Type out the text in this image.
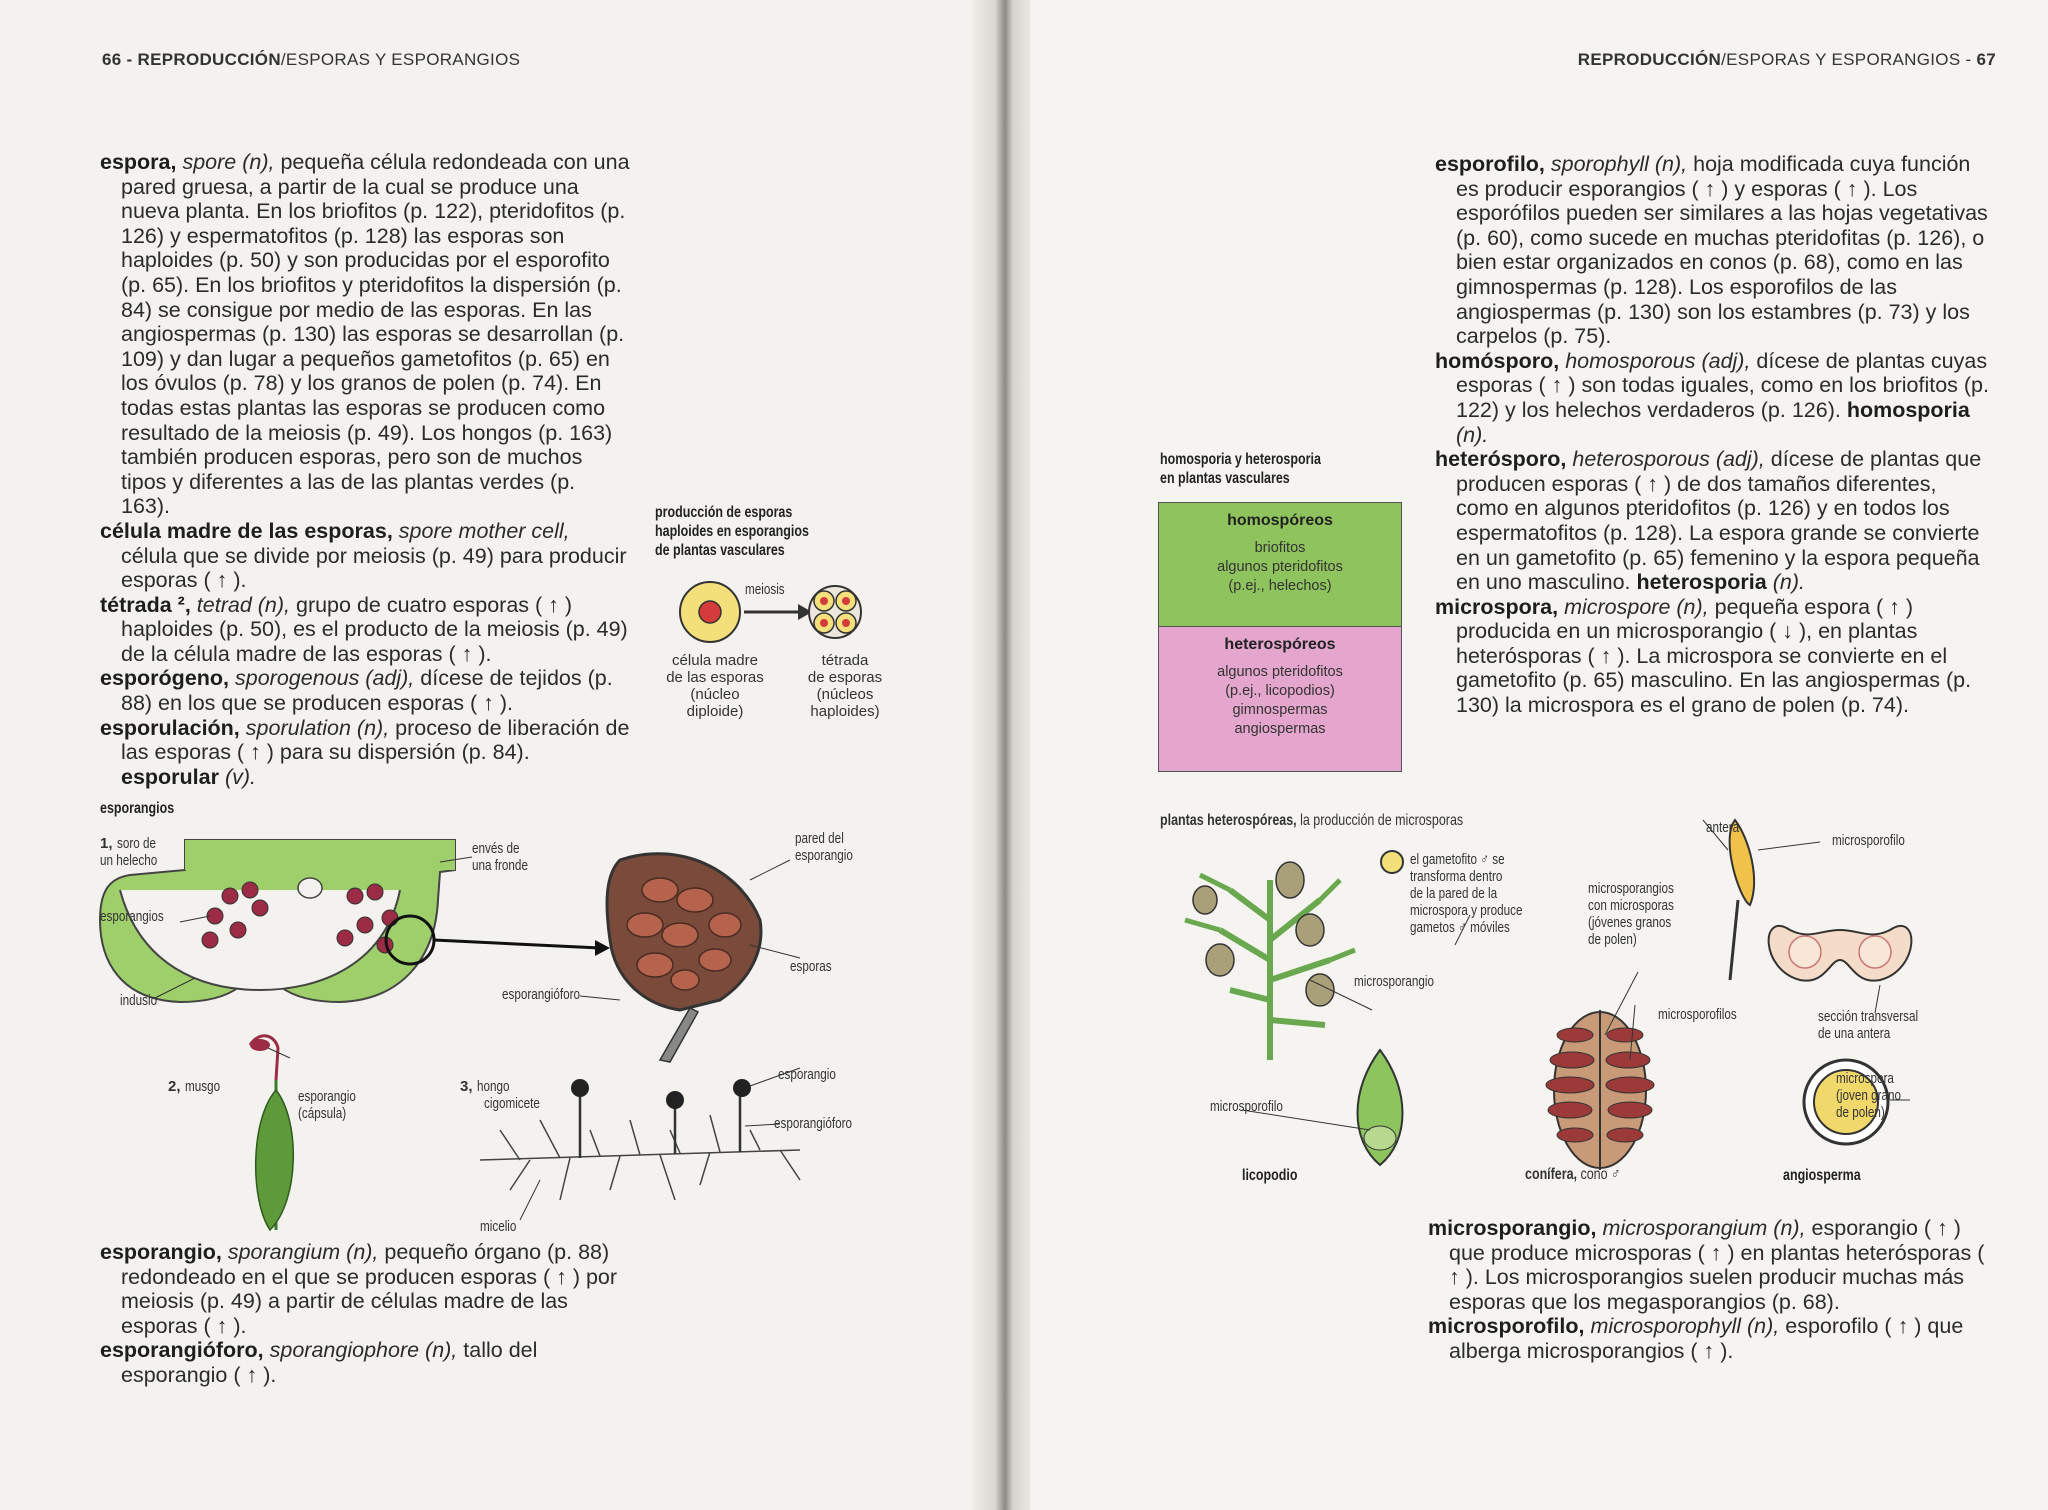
66 - REPRODUCCIÓN/ESPORAS Y ESPORANGIOS

espora, spore (n), pequeña célula redondeada con una pared gruesa, a partir de la cual se produce una nueva planta. En los briofitos (p. 122), pteridofitos (p. 126) y espermatofitos (p. 128) las esporas son haploides (p. 50) y son producidas por el esporofito (p. 65). En los briofitos y pteridofitos la dispersión (p. 84) se consigue por medio de las esporas. En las angiospermas (p. 130) las esporas se desarrollan (p. 109) y dan lugar a pequeños gametofitos (p. 65) en los óvulos (p. 78) y los granos de polen (p. 74). En todas estas plantas las esporas se producen como resultado de la meiosis (p. 49). Los hongos (p. 163) también producen esporas, pero son de muchos tipos y diferentes a las de las plantas verdes (p. 163).

célula madre de las esporas, spore mother cell, célula que se divide por meiosis (p. 49) para producir esporas ( ↑ ).

tétrada ², tetrad (n), grupo de cuatro esporas ( ↑ ) haploides (p. 50), es el producto de la meiosis (p. 49) de la célula madre de las esporas ( ↑ ).

esporógeno, sporogenous (adj), dícese de tejidos (p. 88) en los que se producen esporas ( ↑ ).

esporulación, sporulation (n), proceso de liberación de las esporas ( ↑ ) para su dispersión (p. 84). esporular (v).

producción de esporas
haploides en esporangios
de plantas vasculares
meiosis
célula madre
de las esporas
(núcleo
diploide)
tétrada
de esporas
(núcleos
haploides)
esporangios
1, soro de
un helecho
envés de
una fronde
esporangios
indusio
pared del
esporangio
esporas
esporangióforo
2, musgo
esporangio
(cápsula)
3, hongo
cigomicete
esporangio
esporangióforo
micelio

esporangio, sporangium (n), pequeño órgano (p. 88) redondeado en el que se producen esporas ( ↑ ) por meiosis (p. 49) a partir de células madre de las esporas ( ↑ ).

esporangióforo, sporangiophore (n), tallo del esporangio ( ↑ ).

REPRODUCCIÓN/ESPORAS Y ESPORANGIOS - 67

esporofilo, sporophyll (n), hoja modificada cuya función es producir esporangios ( ↑ ) y esporas ( ↑ ). Los esporófilos pueden ser similares a las hojas vegetativas (p. 60), como sucede en muchas pteridofitas (p. 126), o bien estar organizados en conos (p. 68), como en las gimnospermas (p. 128). Los esporofilos de las angiospermas (p. 130) son los estambres (p. 73) y los carpelos (p. 75).

homósporo, homosporous (adj), dícese de plantas cuyas esporas ( ↑ ) son todas iguales, como en los briofitos (p. 122) y los helechos verdaderos (p. 126). homosporia (n).

heterósporo, heterosporous (adj), dícese de plantas que producen esporas ( ↑ ) de dos tamaños diferentes, como en algunos pteridofitos (p. 126) y en todos los espermatofitos (p. 128). La espora grande se convierte en un gametofito (p. 65) femenino y la espora pequeña en uno masculino. heterosporia (n).

microspora, microspore (n), pequeña espora ( ↑ ) producida en un microsporangio ( ↓ ), en plantas heterósporas ( ↑ ). La microspora se convierte en el gametofito (p. 65) masculino. En las angiospermas (p. 130) la microspora es el grano de polen (p. 74).

microsporangio, microsporangium (n), esporangio ( ↑ ) que produce microsporas ( ↑ ) en plantas heterósporas ( ↑ ). Los microsporangios suelen producir muchas más esporas que los megasporangios (p. 68).

microsporofilo, microsporophyll (n), esporofilo ( ↑ ) que alberga microsporangios ( ↑ ).

homosporia y heterosporia
en plantas vasculares
homospóreos
briofitos
algunos pteridofitos
(p.ej., helechos)
heterospóreos
algunos pteridofitos
(p.ej., licopodios)
gimnospermas
angiospermas
plantas heterospóreas, la producción de microsporas
el gametofito ♂ se
transforma dentro
de la pared de la
microspora y produce
gametos ♂ móviles
microsporangios
con microsporas
(jóvenes granos
de polen)
antera
microsporofilo
microsporangio
microsporofilos	sección transversal
de una antera
microsporofilo
microspora
(joven grano
de polen)
licopodio	conífera, cono ♂	angiosperma
